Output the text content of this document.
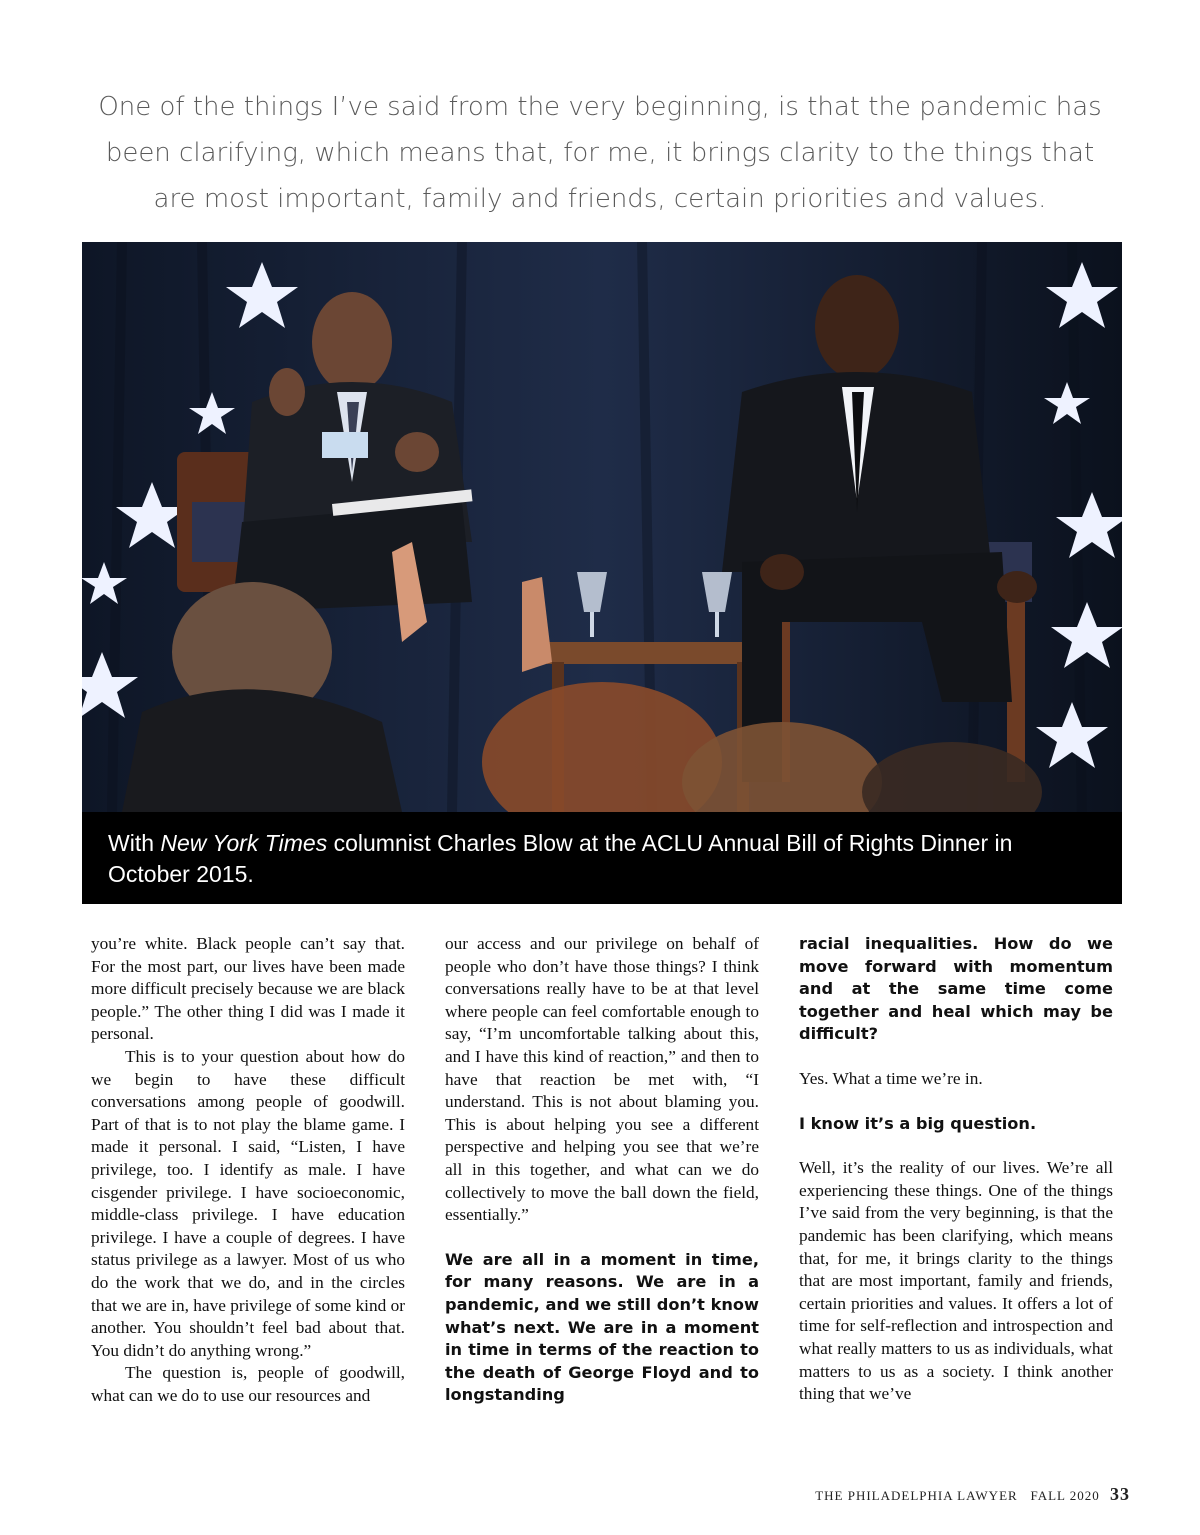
One of the things I’ve said from the very beginning, is that the pandemic has
been clarifying, which means that, for me, it brings clarity to the things that
are most important, family and friends, certain priorities and values.
With New York Times columnist Charles Blow at the ACLU Annual Bill of Rights Dinner in October 2015.

you’re white. Black people can’t say that. For the most part, our lives have been made more difficult precisely because we are black people.” The other thing I did was I made it personal.

This is to your question about how do we begin to have these difficult conversations among people of goodwill. Part of that is to not play the blame game. I made it personal. I said, “Listen, I have privilege, too. I identify as male. I have cisgender privilege. I have socioeconomic, middle-class privilege. I have education privilege. I have a couple of degrees. I have status privilege as a lawyer. Most of us who do the work that we do, and in the circles that we are in, have privilege of some kind or another. You shouldn’t feel bad about that. You didn’t do anything wrong.”

The question is, people of goodwill, what can we do to use our resources and

our access and our privilege on behalf of people who don’t have those things? I think conversations really have to be at that level where people can feel comfortable enough to say, “I’m uncomfortable talking about this, and I have this kind of reaction,” and then to have that reaction be met with, “I understand. This is not about blaming you. This is about helping you see a different perspective and helping you see that we’re all in this together, and what can we do collectively to move the ball down the field, essentially.”

We are all in a moment in time, for many reasons. We are in a pandemic, and we still don’t know what’s next. We are in a moment in time in terms of the reaction to the death of George Floyd and to longstanding

racial inequalities. How do we move forward with momentum and at the same time come together and heal which may be difficult?

Yes. What a time we’re in.

I know it’s a big question.

Well, it’s the reality of our lives. We’re all experiencing these things. One of the things I’ve said from the very beginning, is that the pandemic has been clarifying, which means that, for me, it brings clarity to the things that are most important, family and friends, certain priorities and values. It offers a lot of time for self-reflection and introspection and what really matters to us as individuals, what matters to us as a society. I think another thing that we’ve

THE PHILADELPHIA LAWYER FALL 2020 33
